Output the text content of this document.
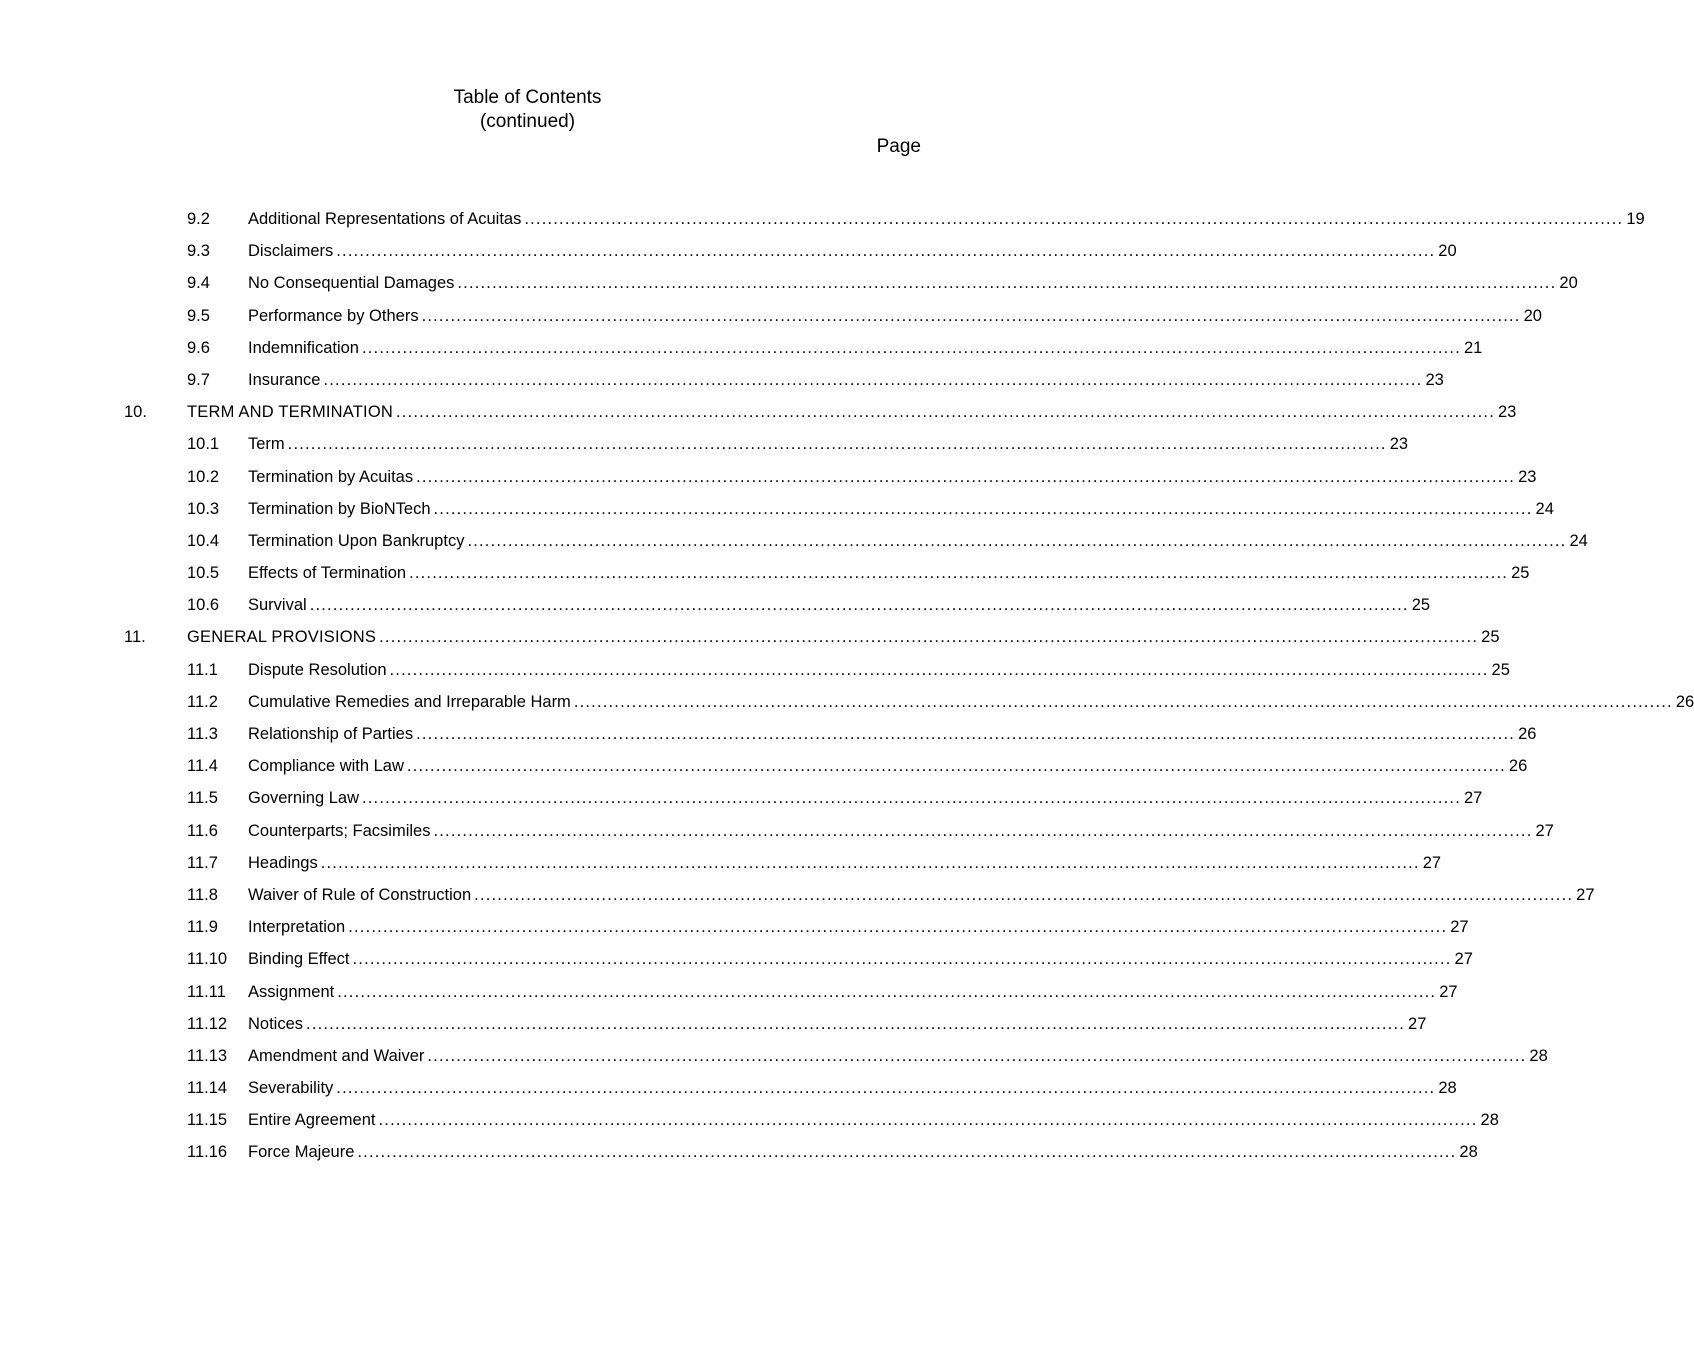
Table of Contents
(continued)
Page
9.2 Additional Representations of Acuitas .............................................................................................................................................................................................. 19
9.3 Disclaimers .............................................................................................................................................................................................. 20
9.4 No Consequential Damages .............................................................................................................................................................................................. 20
9.5 Performance by Others .............................................................................................................................................................................................. 20
9.6 Indemnification .............................................................................................................................................................................................. 21
9.7 Insurance .............................................................................................................................................................................................. 23
10. TERM AND TERMINATION .............................................................................................................................................................................................. 23
10.1 Term .............................................................................................................................................................................................. 23
10.2 Termination by Acuitas .............................................................................................................................................................................................. 23
10.3 Termination by BioNTech .............................................................................................................................................................................................. 24
10.4 Termination Upon Bankruptcy .............................................................................................................................................................................................. 24
10.5 Effects of Termination .............................................................................................................................................................................................. 25
10.6 Survival .............................................................................................................................................................................................. 25
11.	GENERAL PROVISIONS .............................................................................................................................................................................................. 25
11.1 Dispute Resolution .............................................................................................................................................................................................. 25
11.2 Cumulative Remedies and Irreparable Harm .............................................................................................................................................................................................. 26
11.3 Relationship of Parties .............................................................................................................................................................................................. 26
11.4 Compliance with Law .............................................................................................................................................................................................. 26
11.5 Governing Law .............................................................................................................................................................................................. 27
11.6 Counterparts; Facsimiles .............................................................................................................................................................................................. 27
11.7 Headings .............................................................................................................................................................................................. 27
11.8 Waiver of Rule of Construction .............................................................................................................................................................................................. 27
11.9 Interpretation .............................................................................................................................................................................................. 27
11.10 Binding Effect .............................................................................................................................................................................................. 27
11.11 Assignment .............................................................................................................................................................................................. 27
11.12 Notices .............................................................................................................................................................................................. 27
11.13 Amendment and Waiver .............................................................................................................................................................................................. 28
11.14 Severability .............................................................................................................................................................................................. 28
11.15 Entire Agreement .............................................................................................................................................................................................. 28
11.16 Force Majeure .............................................................................................................................................................................................. 28
